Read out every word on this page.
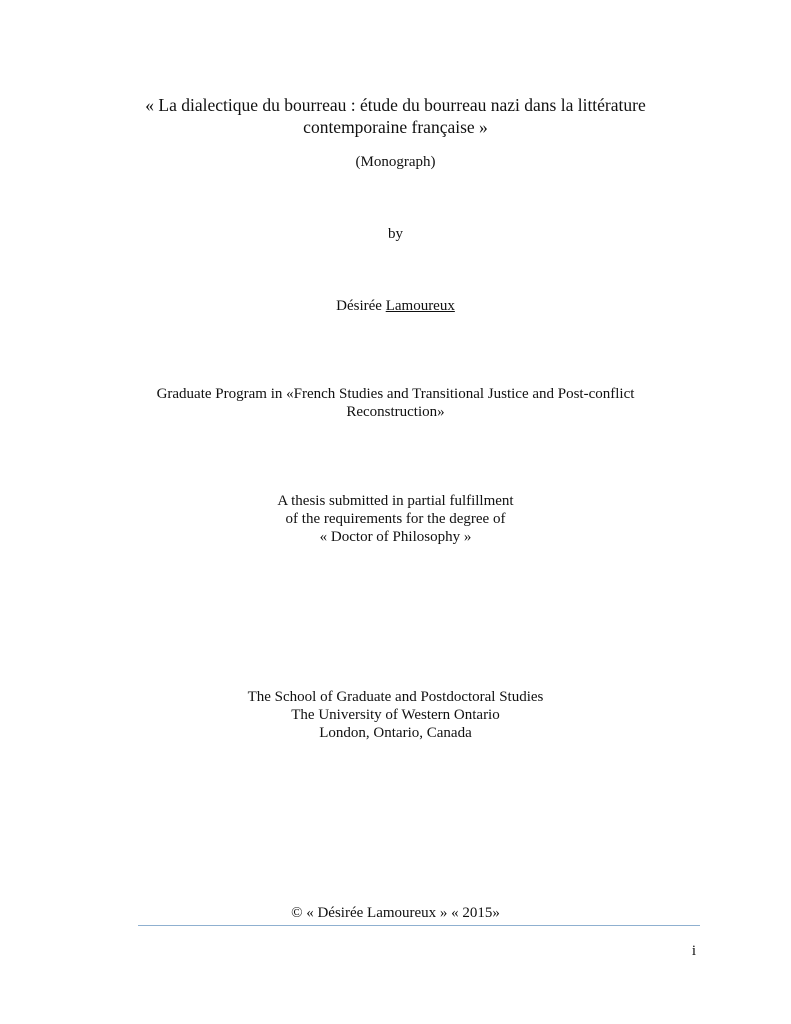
« La dialectique du bourreau : étude du bourreau nazi dans la littérature
contemporaine française »
(Monograph)
by
Désirée Lamoureux
Graduate Program in «French Studies and Transitional Justice and Post-conflict
Reconstruction»
A thesis submitted in partial fulfillment
of the requirements for the degree of
« Doctor of Philosophy »
The School of Graduate and Postdoctoral Studies
The University of Western Ontario
London, Ontario, Canada
© « Désirée Lamoureux » « 2015»
i
